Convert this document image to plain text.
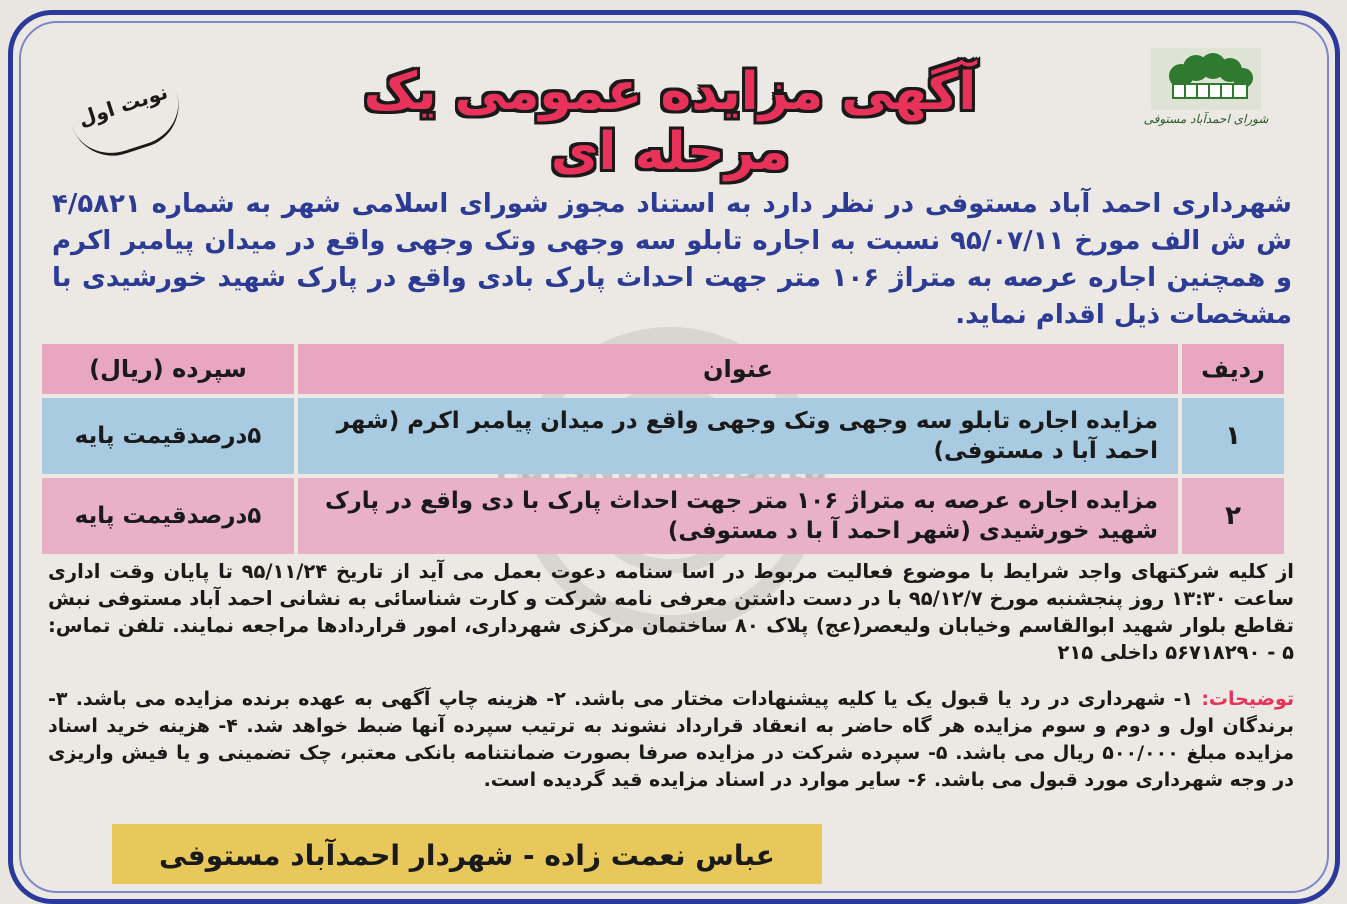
شورای احمدآباد مستوفی
آگهی مزایده عمومی یک مرحله ای
نوبت اول
شهرداری احمد آباد مستوفی در نظر دارد به استناد مجوز شورای اسلامی شهر به شماره ۴/۵۸۲۱ ش ش الف مورخ ۹۵/۰۷/۱۱ نسبت به اجاره تابلو سه وجهی وتک وجهی واقع در میدان پیامبر اکرم و همچنین اجاره عرصه به متراژ ۱۰۶ متر جهت احداث پارک بادی واقع در پارک شهید خورشیدی با مشخصات ذیل اقدام نماید.
ردیف	عنوان	سپرده (ریال)
۱	مزایده اجاره تابلو سه وجهی وتک وجهی واقع در میدان پیامبر اکرم (شهر احمد آبا د مستوفی)	۵درصدقیمت پایه
۲	مزایده اجاره عرصه به متراژ ۱۰۶ متر جهت احداث پارک با دی واقع در پارک شهید خورشیدی (شهر احمد آ با د مستوفی)	۵درصدقیمت پایه
از کلیه شرکتهای واجد شرایط با موضوع فعالیت مربوط در اسا سنامه دعوت بعمل می آید از تاریخ ۹۵/۱۱/۲۴ تا پایان وقت اداری ساعت ۱۳:۳۰ روز پنجشنبه مورخ ۹۵/۱۲/۷ با در دست داشتن معرفی نامه شرکت و کارت شناسائی به نشانی احمد آباد مستوفی نبش تقاطع بلوار شهید ابوالقاسم وخیابان ولیعصر(عج) پلاک ۸۰ ساختمان مرکزی شهرداری، امور قراردادها مراجعه نمایند. تلفن تماس: ۵ - ۵۶۷۱۸۲۹۰ داخلی ۲۱۵
توضیحات: ۱- شهرداری در رد یا قبول یک یا کلیه پیشنهادات مختار می باشد. ۲- هزینه چاپ آگهی به عهده برنده مزایده می باشد. ۳- برندگان اول و دوم و سوم مزایده هر گاه حاضر به انعقاد قرارداد نشوند به ترتیب سپرده آنها ضبط خواهد شد. ۴- هزینه خرید اسناد مزایده مبلغ ۵۰۰/۰۰۰ ریال می باشد. ۵- سپرده شرکت در مزایده صرفا بصورت ضمانتنامه بانکی معتبر، چک تضمینی و یا فیش واریزی در وجه شهرداری مورد قبول می باشد. ۶- سایر موارد در اسناد مزایده قید گردیده است.
عباس نعمت زاده - شهردار احمدآباد مستوفی
